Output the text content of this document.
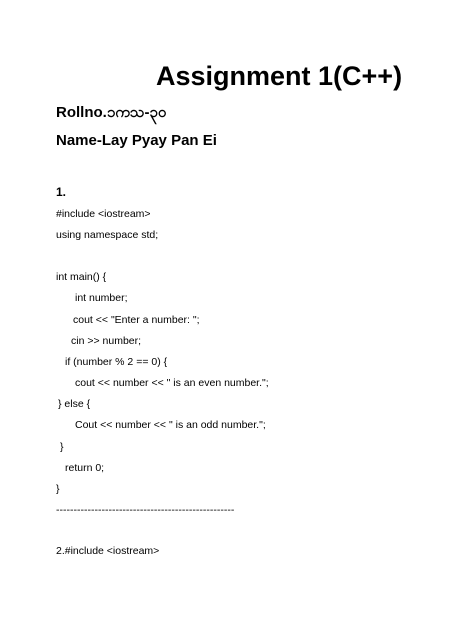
Assignment 1(C++)
Rollno.၁ကသ-၃၀
Name-Lay Pyay Pan Ei
1.
#include <iostream>
using namespace std;
int main() {
int number;
cout << "Enter a number: ";
cin >> number;
if (number % 2 == 0) {
cout << number << " is an even number.";
} else {
Cout << number << " is an odd number.";
}
return 0;
}
---------------------------------------------------
2.#include <iostream>
